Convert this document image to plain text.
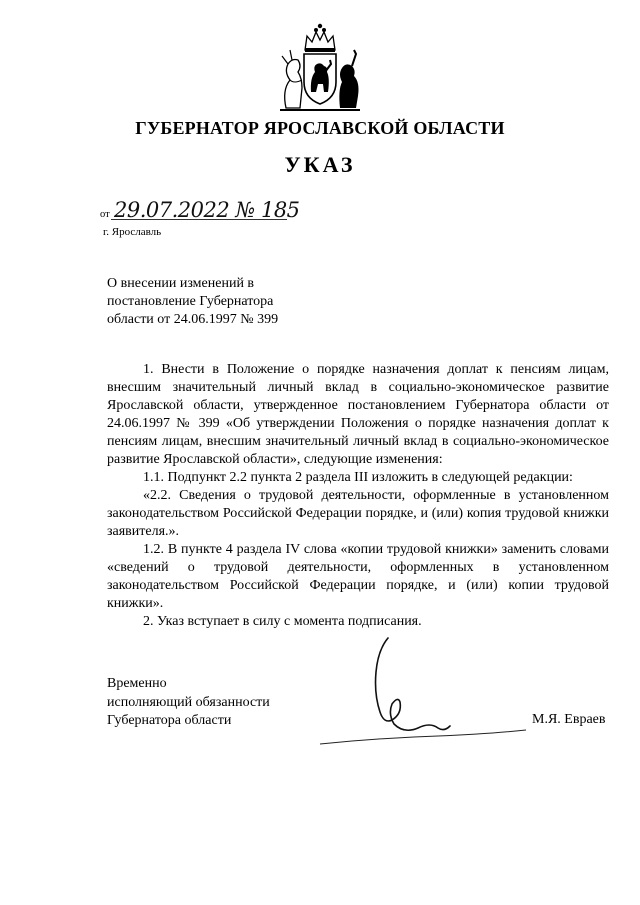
ГУБЕРНАТОР ЯРОСЛАВСКОЙ ОБЛАСТИ
УКАЗ
от 29.07.2022 № 185
г. Ярославль
О внесении изменений в
постановление Губернатора
области от 24.06.1997 № 399

1. Внести в Положение о порядке назначения доплат к пенсиям лицам, внесшим значительный личный вклад в социально-экономическое развитие Ярославской области, утвержденное постановлением Губернатора области от 24.06.1997 № 399 «Об утверждении Положения о порядке назначения доплат к пенсиям лицам, внесшим значительный личный вклад в социально-экономическое развитие Ярославской области», следующие изменения:

1.1. Подпункт 2.2 пункта 2 раздела III изложить в следующей редакции:

«2.2. Сведения о трудовой деятельности, оформленные в установленном законодательством Российской Федерации порядке, и (или) копия трудовой книжки заявителя.».

1.2. В пункте 4 раздела IV слова «копии трудовой книжки» заменить словами «сведений о трудовой деятельности, оформленных в установленном законодательством Российской Федерации порядке, и (или) копии трудовой книжки».

2. Указ вступает в силу с момента подписания.

Временно
исполняющий обязанности
Губернатора области	М.Я. Евраев
